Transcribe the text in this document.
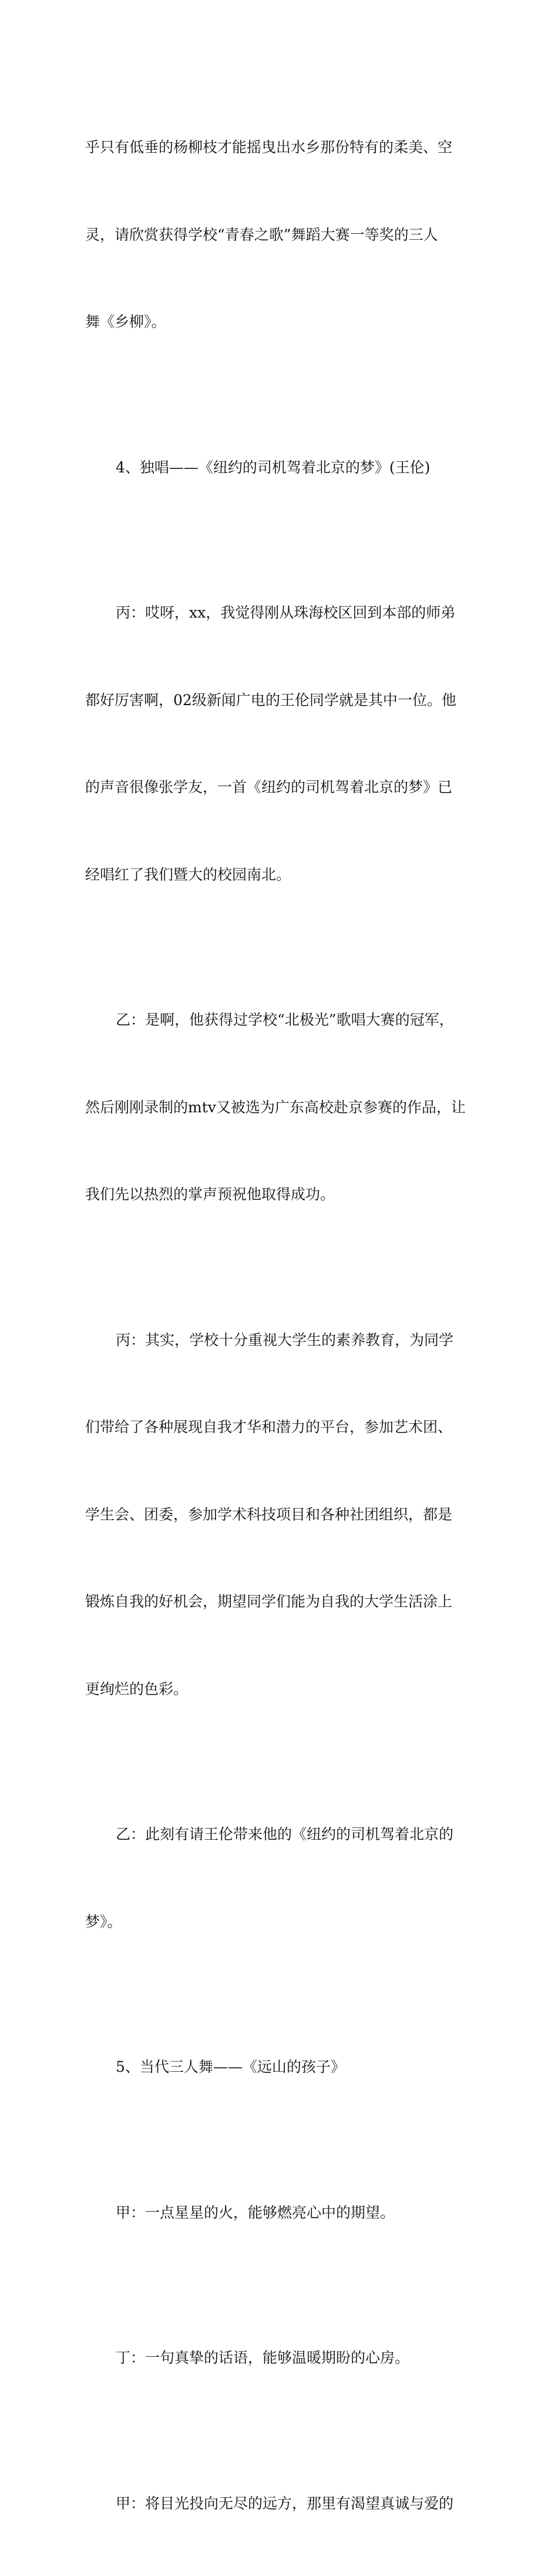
乎只有低垂的杨柳枝才能摇曳出水乡那份特有的柔美、空

灵，请欣赏获得学校“青春之歌”舞蹈大赛一等奖的三人

舞《乡柳》。

4、独唱——《纽约的司机驾着北京的梦》(王伦)

丙：哎呀，xx，我觉得刚从珠海校区回到本部的师弟

都好厉害啊，02级新闻广电的王伦同学就是其中一位。他

的声音很像张学友，一首《纽约的司机驾着北京的梦》已

经唱红了我们暨大的校园南北。

乙：是啊，他获得过学校“北极光”歌唱大赛的冠军，

然后刚刚录制的mtv又被选为广东高校赴京参赛的作品，让

我们先以热烈的掌声预祝他取得成功。

丙：其实，学校十分重视大学生的素养教育，为同学

们带给了各种展现自我才华和潜力的平台，参加艺术团、

学生会、团委，参加学术科技项目和各种社团组织，都是

锻炼自我的好机会，期望同学们能为自我的大学生活涂上

更绚烂的色彩。

乙：此刻有请王伦带来他的《纽约的司机驾着北京的

梦》。

5、当代三人舞——《远山的孩子》

甲：一点星星的火，能够燃亮心中的期望。

丁：一句真挚的话语，能够温暖期盼的心房。

甲：将目光投向无尽的远方，那里有渴望真诚与爱的
